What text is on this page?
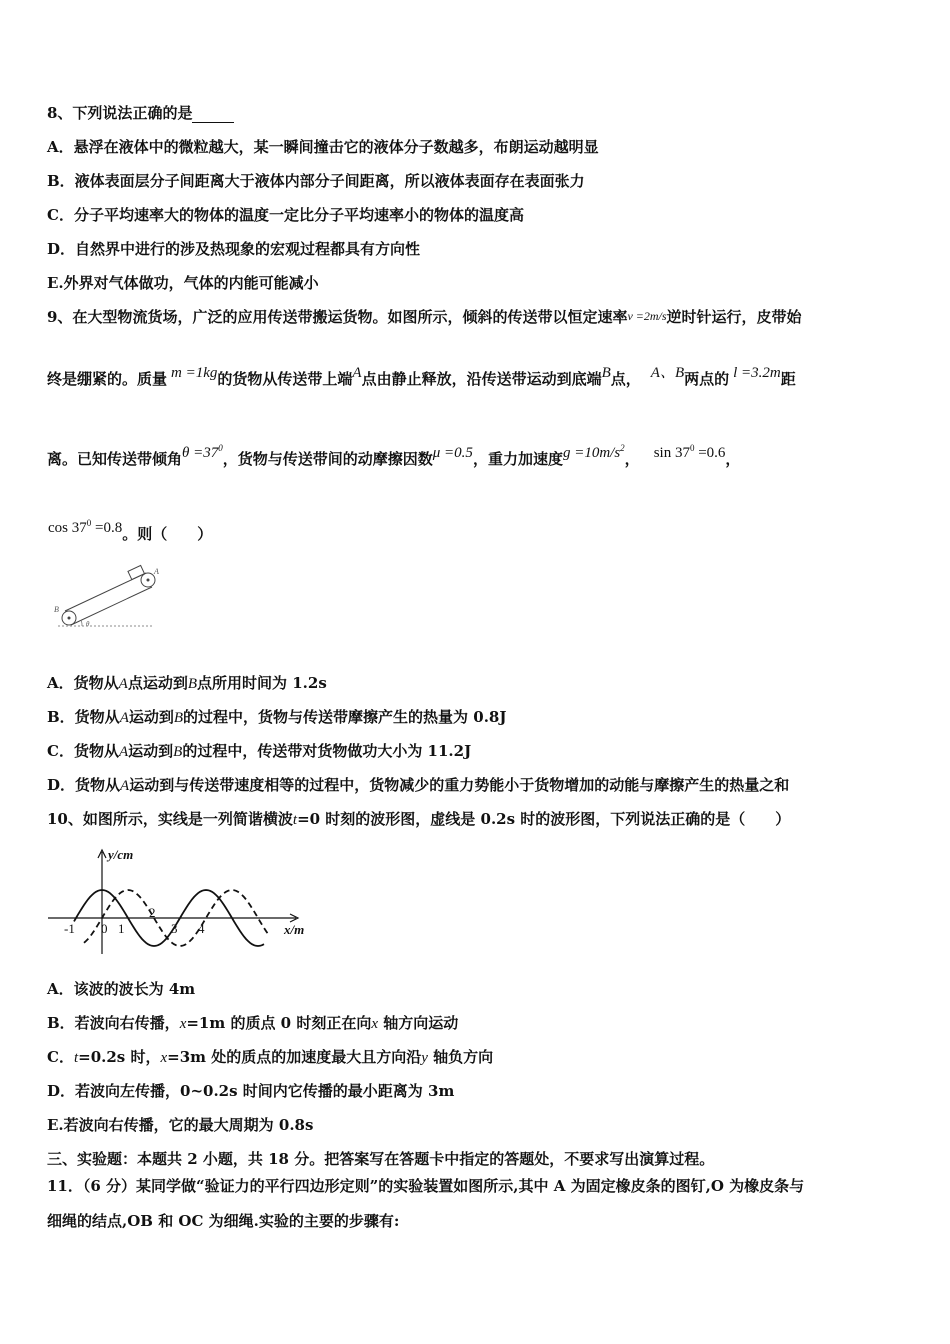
8、下列说法正确的是
A．悬浮在液体中的微粒越大，某一瞬间撞击它的液体分子数越多，布朗运动越明显
B．液体表面层分子间距离大于液体内部分子间距离，所以液体表面存在表面张力
C．分子平均速率大的物体的温度一定比分子平均速率小的物体的温度高
D．自然界中进行的涉及热现象的宏观过程都具有方向性
E.外界对气体做功，气体的内能可能减小
9、在大型物流货场，广泛的应用传送带搬运货物。如图所示，倾斜的传送带以恒定速率v =2m/s逆时针运行，皮带始
终是绷紧的。质量 m =1kg的货物从传送带上端A点由静止释放，沿传送带运动到底端B点， A、B两点的 l =3.2m距
离。已知传送带倾角$\theta =37^0$，货物与传送带间的动摩擦因数μ =0.5，重力加速度$g =10m/s^2$， $\sin 37^0 =0.6$，
$\cos 37^0 =0.8$。则（　　）
A
B
θ
A．货物从A点运动到B点所用时间为 1.2s
B．货物从A运动到B的过程中，货物与传送带摩擦产生的热量为 0.8J
C．货物从A运动到B的过程中，传送带对货物做功大小为 11.2J
D．货物从A运动到与传送带速度相等的过程中，货物减少的重力势能小于货物增加的动能与摩擦产生的热量之和
10、如图所示，实线是一列简谐横波t=0 时刻的波形图，虚线是 0.2s 时的波形图，下列说法正确的是（　　）
y/cm
x/m
-1 0 1
2
3 4
A．该波的波长为 4m
B．若波向右传播，x=1m 的质点 0 时刻正在向x 轴方向运动
C．t=0.2s 时，x=3m 处的质点的加速度最大且方向沿y 轴负方向
D．若波向左传播，0~0.2s 时间内它传播的最小距离为 3m
E.若波向右传播，它的最大周期为 0.8s
三、实验题：本题共 2 小题，共 18 分。把答案写在答题卡中指定的答题处，不要求写出演算过程。
11．（6 分）某同学做“验证力的平行四边形定则”的实验装置如图所示,其中 A 为固定橡皮条的图钉,O 为橡皮条与
细绳的结点,OB 和 OC 为细绳.实验的主要的步骤有:
